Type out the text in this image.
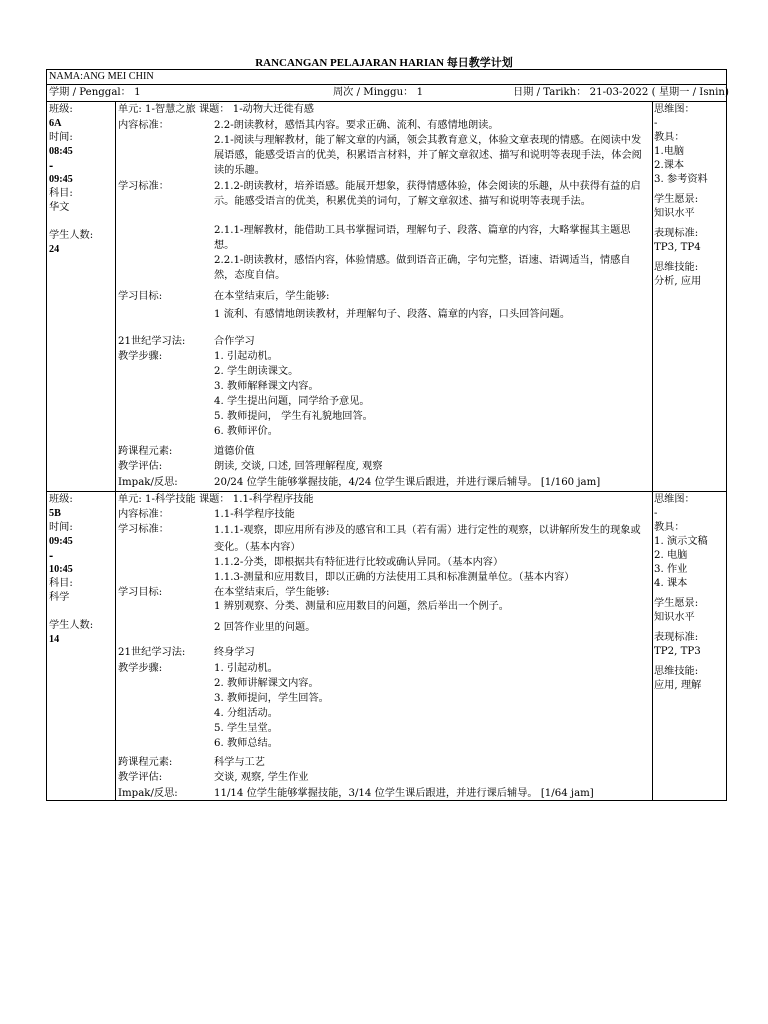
RANCANGAN PELAJARAN HARIAN 每日教学计划
NAMA:ANG MEI CHIN
学期 / Penggal： 1	周次 / Minggu： 1	日期 / Tarikh： 21-03-2022 ( 星期一 / Isnin)
班级:
6A
时间:
08:45
-
09:45
科目:
华文
学生人数:
24
单元: 1-智慧之旅 课题： 1-动物大迁徙有感
内容标准：	2.2-朗读教材，感悟其内容。要求正确、流利、有感情地朗读。
2.1-阅读与理解教材，能了解文章的内涵，领会其教育意义，体验文章表现的情感。在阅读中发展语感，能感受语言的优美，积累语言材料，并了解文章叙述、描写和说明等表现手法，体会阅读的乐趣。
学习标准：	2.1.2-朗读教材，培养语感。能展开想象，获得情感体验，体会阅读的乐趣，从中获得有益的启示。能感受语言的优美，积累优美的词句，了解文章叙述、描写和说明等表现手法。
2.1.1-理解教材，能借助工具书掌握词语，理解句子、段落、篇章的内容，大略掌握其主题思想。
2.2.1-朗读教材，感悟内容，体验情感。做到语音正确，字句完整，语速、语调适当，情感自然，态度自信。
学习目标:	在本堂结束后，学生能够:
1 流利、有感情地朗读教材，并理解句子、段落、篇章的内容，口头回答问题。
21世纪学习法:	合作学习
教学步骤:	1. 引起动机。
2. 学生朗读课文。
3. 教师解释课文内容。
4. 学生提出问题，同学给予意见。
5. 教师提问， 学生有礼貌地回答。
6. 教师评价。
跨课程元素:	道德价值
教学评估:	朗读, 交谈, 口述, 回答理解程度, 观察
Impak/反思:	20/24 位学生能够掌握技能，4/24 位学生课后跟进，并进行课后辅导。 [1/160 jam]
思维图：
-
教具：
1.电脑
2.课本
3. 参考资料
学生愿景:
知识水平
表现标准:
TP3, TP4
思维技能:
分析, 应用
班级:
5B
时间:
09:45
-
10:45
科目:
科学
学生人数:
14
单元: 1-科学技能 课题： 1.1-科学程序技能
内容标准：	1.1-科学程序技能
学习标准：	1.1.1-观察，即应用所有涉及的感官和工具（若有需）进行定性的观察，以讲解所发生的现象或变化。（基本内容）
1.1.2-分类，即根据共有特征进行比较或确认异同。（基本内容）
1.1.3-测量和应用数目，即以正确的方法使用工具和标准测量单位。（基本内容）
学习目标:	在本堂结束后，学生能够:
1 辨别观察、分类、测量和应用数目的问题，然后举出一个例子。
2 回答作业里的问题。
21世纪学习法:	终身学习
教学步骤:	1. 引起动机。
2. 教师讲解课文内容。
3. 教师提问，学生回答。
4. 分组活动。
5. 学生呈堂。
6. 教师总结。
跨课程元素:	科学与工艺
教学评估:	交谈, 观察, 学生作业
Impak/反思:	11/14 位学生能够掌握技能，3/14 位学生课后跟进，并进行课后辅导。 [1/64 jam]
思维图：
-
教具：
1. 演示文稿
2. 电脑
3. 作业
4. 课本
学生愿景:
知识水平
表现标准:
TP2, TP3
思维技能:
应用, 理解
